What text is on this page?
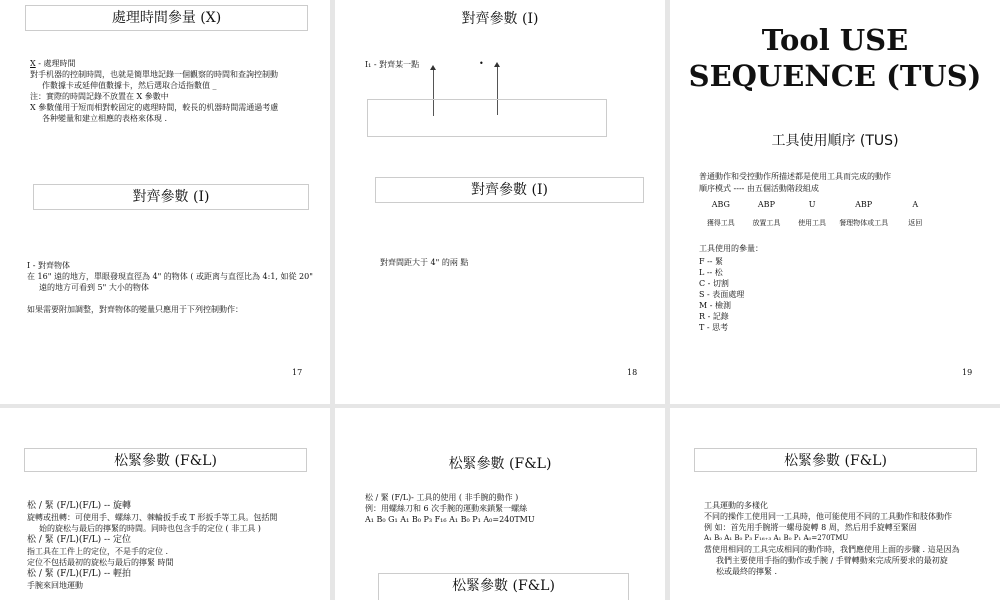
處理時間參量 (X)
X - 處理時間
對手机器的控制時間，也就是簡單地記錄一個觀察的時間和查詢控制動
作數據卡或延伸值數據卡，然后選取合适指數值 _
注：實際的時間記錄不放置在 X 參數中
X 參數僅用于短而相對較固定的處理時間，較長的机器時間需通過考慮
各种變量和建立相應的表格來体現 .
對齊參數 (I)
I - 對齊物体
在 16" 遠的地方，單眼發現直徑為 4" 的物体 ( 或距离与直徑比為 4:1, 如從 20"
遠的地方可看到 5" 大小的物体

如果需要附加調整，對齊物体的變量只應用于下列控制動作：
17
對齊參數 (I)
I₁ - 對齊某一點	•
對齊參數 (I)
對齊間距大于 4" 的兩 點
18
Tool USE SEQUENCE (TUS)
工具使用順序 (TUS)
普通動作和受控動作所描述都是使用工具而完成的動作
順序模式 ---- 由五個活動階段組成
ABG	ABP	U	ABP	A
獲得工具	放置工具	使用工具	餐理物体或工具	返回
工具使用的參量：
F -- 緊
L -- 松
C - 切割
S - 表面處理
M - 檢測
R - 記錄
T - 思考
19
松緊參數 (F&L)
松 / 緊 (F/L)(F/L) -- 旋轉
旋轉或扭轉：可使用手、螺絲刀、棘輪扳手或 T 形扳手等工具。包括開
始的旋松与最后的擰緊的時間。同時也包含手的定位 ( 非工具 )
松 / 緊 (F/L)(F/L) -- 定位
指工具在工件上的定位，不是手的定位 .
定位不包括最初的旋松与最后的擰緊 時間
松 / 緊 (F/L)(F/L) -- 輕拍
手腕來回地運動
松緊參數 (F&L)
松 / 緊 (F/L)- 工具的使用 ( 非手腕的動作 )
例：用螺絲刀和 6 次手腕的運動來鎖緊一螺絲
A₁ B₀ G₁ A₁ B₀ P₃ F₁₆ A₁ B₀ P₁ A₀=240TMU
松緊參數 (F&L)
松緊參數 (F&L)
工具運動的多樣化
不同的操作工使用同一工具時，他可能使用不同的工具動作和肢体動作
例 如：首先用手腕將一螺母旋轉 8 周，然后用手旋轉至緊固
A₁ B₀ A₁ B₀ P₃ F₁₆₊₃ A₁ B₀ P₁ A₀=270TMU
當使用相同的工具完成相同的動作時，我們應使用上面的步驟 . 這是因為
我們主要使用手指的動作或手腕 / 手臂轉動來完成所要求的最初旋
松或最終的擰緊 .
